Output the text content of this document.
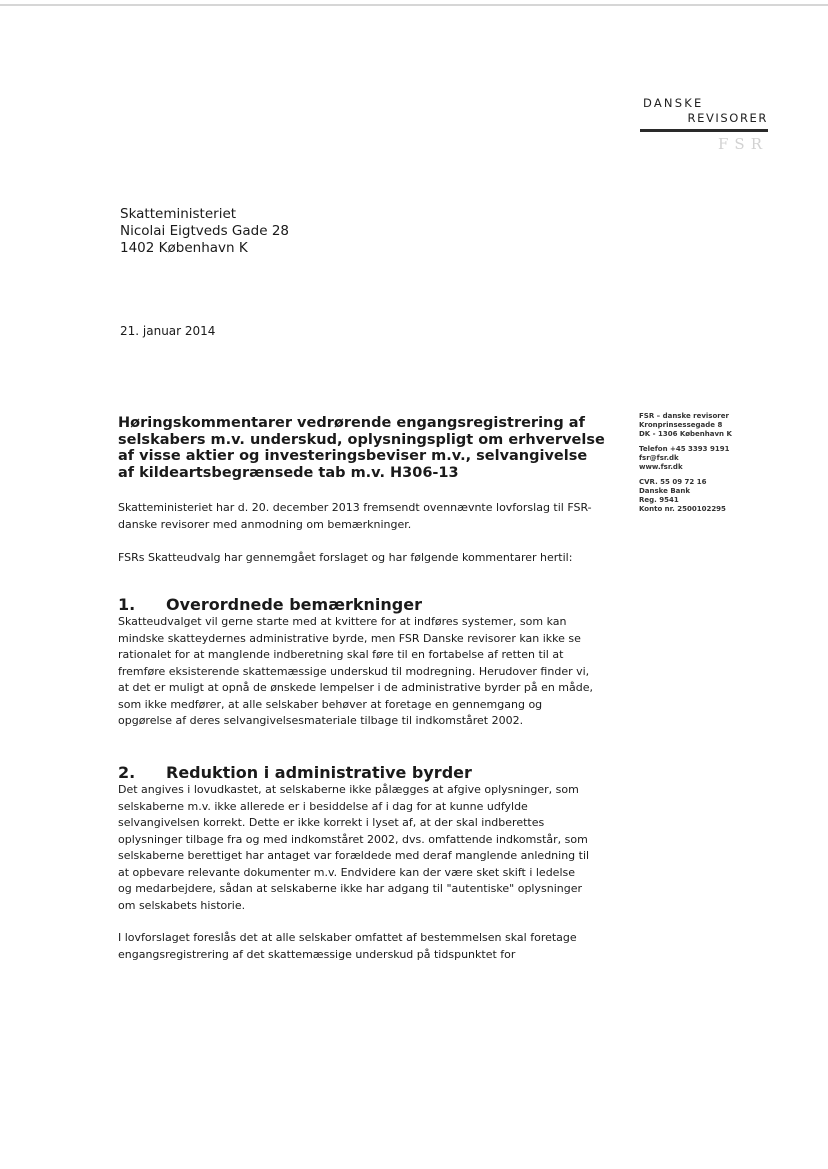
DANSKE
REVISORER
FSR
Skatteministeriet
Nicolai Eigtveds Gade 28
1402 København K
21. januar 2014
FSR – danske revisorer
Kronprinsessegade 8
DK - 1306 København K
Telefon +45 3393 9191
fsr@fsr.dk
www.fsr.dk
CVR. 55 09 72 16
Danske Bank
Reg. 9541
Konto nr. 2500102295
Høringskommentarer vedrørende engangsregistrering af selskabers m.v. underskud, oplysningspligt om erhvervelse af visse aktier og investeringsbeviser m.v., selvangivelse af kildeartsbegrænsede tab m.v. H306-13
Skatteministeriet har d. 20. december 2013 fremsendt ovennævnte lovforslag til FSR-danske revisorer med anmodning om bemærkninger.
FSRs Skatteudvalg har gennemgået forslaget og har følgende kommentarer hertil:
1. Overordnede bemærkninger
Skatteudvalget vil gerne starte med at kvittere for at indføres systemer, som kan mindske skatteydernes administrative byrde, men FSR Danske revisorer kan ikke se rationalet for at manglende indberetning skal føre til en fortabelse af retten til at fremføre eksisterende skattemæssige underskud til modregning. Herudover finder vi, at det er muligt at opnå de ønskede lempelser i de administrative byrder på en måde, som ikke medfører, at alle selskaber behøver at foretage en gennemgang og opgørelse af deres selvangivelsesmateriale tilbage til indkomståret 2002.
2. Reduktion i administrative byrder
Det angives i lovudkastet, at selskaberne ikke pålægges at afgive oplysninger, som selskaberne m.v. ikke allerede er i besiddelse af i dag for at kunne udfylde selvangivelsen korrekt. Dette er ikke korrekt i lyset af, at der skal indberettes oplysninger tilbage fra og med indkomståret 2002, dvs. omfattende indkomstår, som selskaberne berettiget har antaget var forældede med deraf manglende anledning til at opbevare relevante dokumenter m.v. Endvidere kan der være sket skift i ledelse og medarbejdere, sådan at selskaberne ikke har adgang til "autentiske" oplysninger om selskabets historie.
I lovforslaget foreslås det at alle selskaber omfattet af bestemmelsen skal foretage engangsregistrering af det skattemæssige underskud på tidspunktet for
